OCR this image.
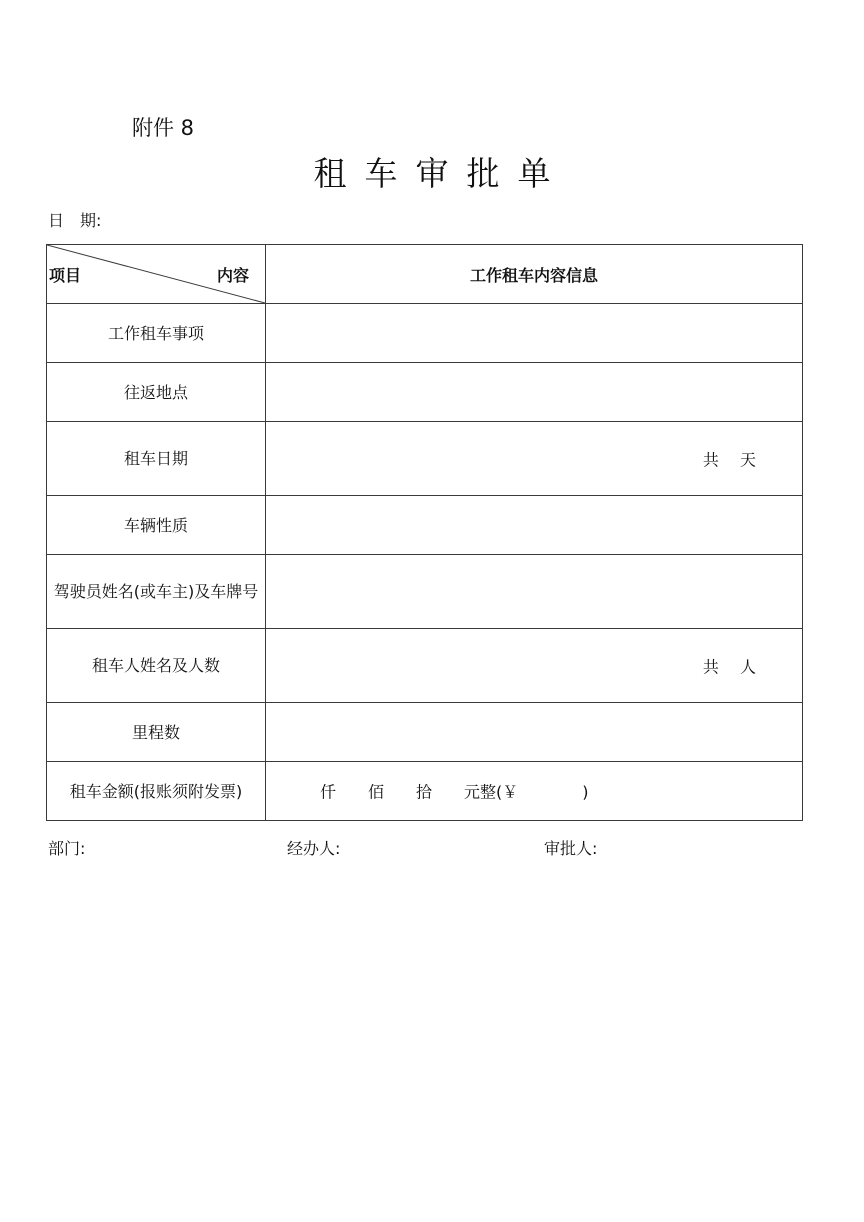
附件 8
租车审批单
日　期:
项目 内容	工作租车内容信息
工作租车事项	
往返地点	
租车日期	共　 天

车辆性质	
驾驶员姓名(或车主)及车牌号	
租车人姓名及人数	共　 人

里程数	
租车金额(报账须附发票)	仟　　佰　　拾　　元整(￥　　　　)
部门:	经办人:	审批人:
